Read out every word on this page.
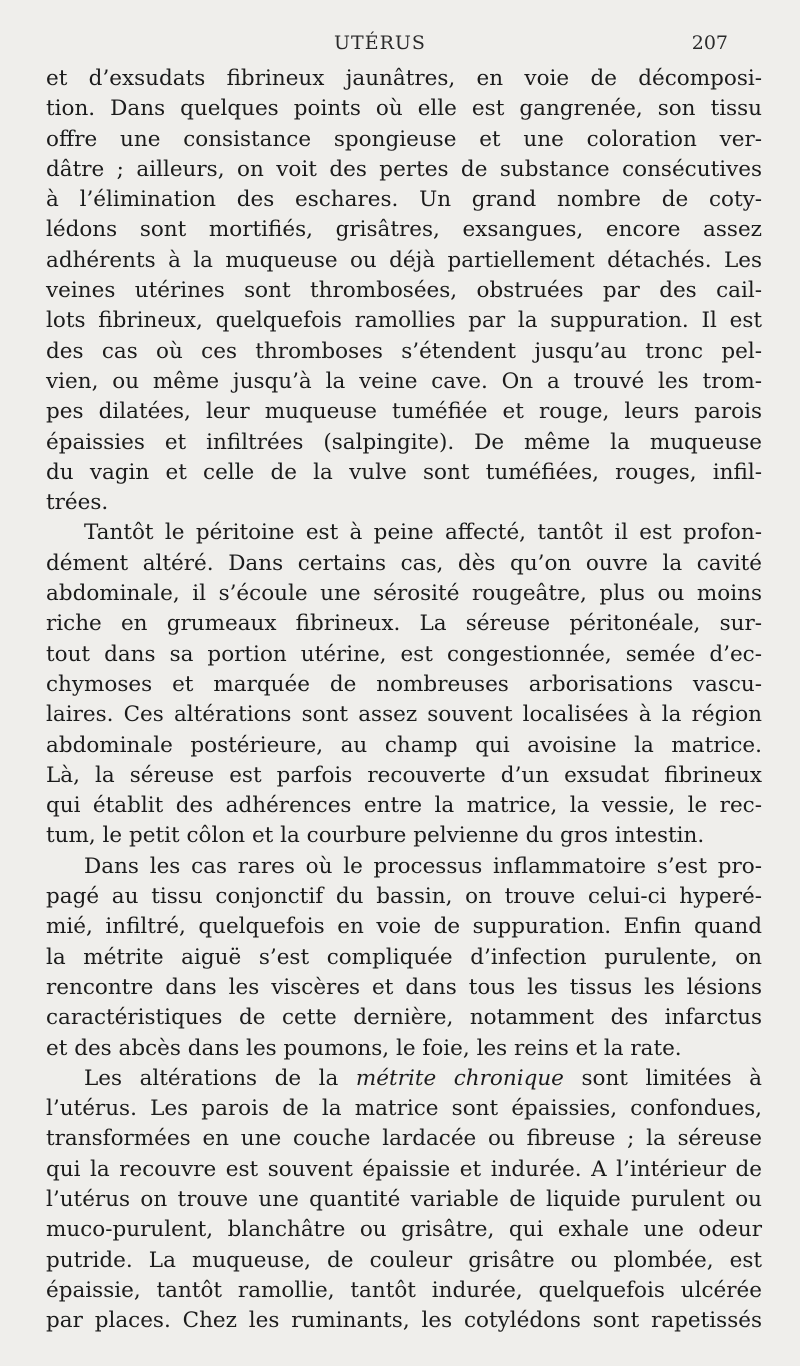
UTÉRUS	207
et d’exsudats fibrineux jaunâtres, en voie de décomposi-
tion. Dans quelques points où elle est gangrenée, son tissu
offre une consistance spongieuse et une coloration ver-
dâtre ; ailleurs, on voit des pertes de substance consécutives
à l’élimination des eschares. Un grand nombre de coty-
lédons sont mortifiés, grisâtres, exsangues, encore assez
adhérents à la muqueuse ou déjà partiellement détachés. Les
veines utérines sont thrombosées, obstruées par des cail-
lots fibrineux, quelquefois ramollies par la suppuration. Il est
des cas où ces thromboses s’étendent jusqu’au tronc pel-
vien, ou même jusqu’à la veine cave. On a trouvé les trom-
pes dilatées, leur muqueuse tuméfiée et rouge, leurs parois
épaissies et infiltrées (salpingite). De même la muqueuse
du vagin et celle de la vulve sont tuméfiées, rouges, infil-
trées.
Tantôt le péritoine est à peine affecté, tantôt il est profon-
dément altéré. Dans certains cas, dès qu’on ouvre la cavité
abdominale, il s’écoule une sérosité rougeâtre, plus ou moins
riche en grumeaux fibrineux. La séreuse péritonéale, sur-
tout dans sa portion utérine, est congestionnée, semée d’ec-
chymoses et marquée de nombreuses arborisations vascu-
laires. Ces altérations sont assez souvent localisées à la région
abdominale postérieure, au champ qui avoisine la matrice.
Là, la séreuse est parfois recouverte d’un exsudat fibrineux
qui établit des adhérences entre la matrice, la vessie, le rec-
tum, le petit côlon et la courbure pelvienne du gros intestin.
Dans les cas rares où le processus inflammatoire s’est pro-
pagé au tissu conjonctif du bassin, on trouve celui-ci hyperé-
mié, infiltré, quelquefois en voie de suppuration. Enfin quand
la métrite aiguë s’est compliquée d’infection purulente, on
rencontre dans les viscères et dans tous les tissus les lésions
caractéristiques de cette dernière, notamment des infarctus
et des abcès dans les poumons, le foie, les reins et la rate.
Les altérations de la métrite chronique sont limitées à
l’utérus. Les parois de la matrice sont épaissies, confondues,
transformées en une couche lardacée ou fibreuse ; la séreuse
qui la recouvre est souvent épaissie et indurée. A l’intérieur de
l’utérus on trouve une quantité variable de liquide purulent ou
muco-purulent, blanchâtre ou grisâtre, qui exhale une odeur
putride. La muqueuse, de couleur grisâtre ou plombée, est
épaissie, tantôt ramollie, tantôt indurée, quelquefois ulcérée
par places. Chez les ruminants, les cotylédons sont rapetissés
